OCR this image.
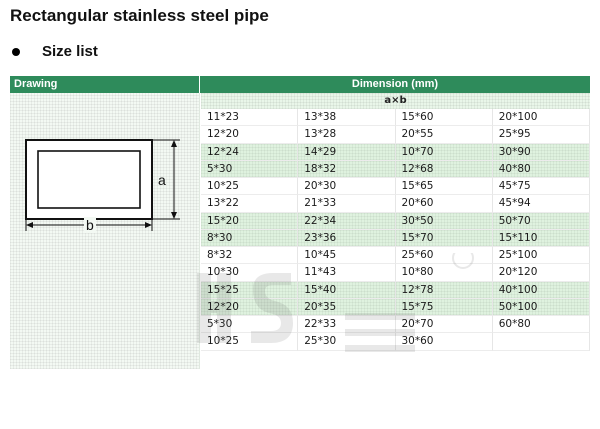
Rectangular stainless steel pipe
Size list
Drawing	Dimension (mm)
a
b
a×b
11*23	13*38	15*60	20*100
12*20	13*28	20*55	25*95
12*24	14*29	10*70	30*90
5*30	18*32	12*68	40*80
10*25	20*30	15*65	45*75
13*22	21*33	20*60	45*94
15*20	22*34	30*50	50*70
8*30	23*36	15*70	15*110
8*32	10*45	25*60	25*100
10*30	11*43	10*80	20*120
15*25	15*40	12*78	40*100
12*20	20*35	15*75	50*100
5*30	22*33	20*70	60*80
10*25	25*30	30*60
